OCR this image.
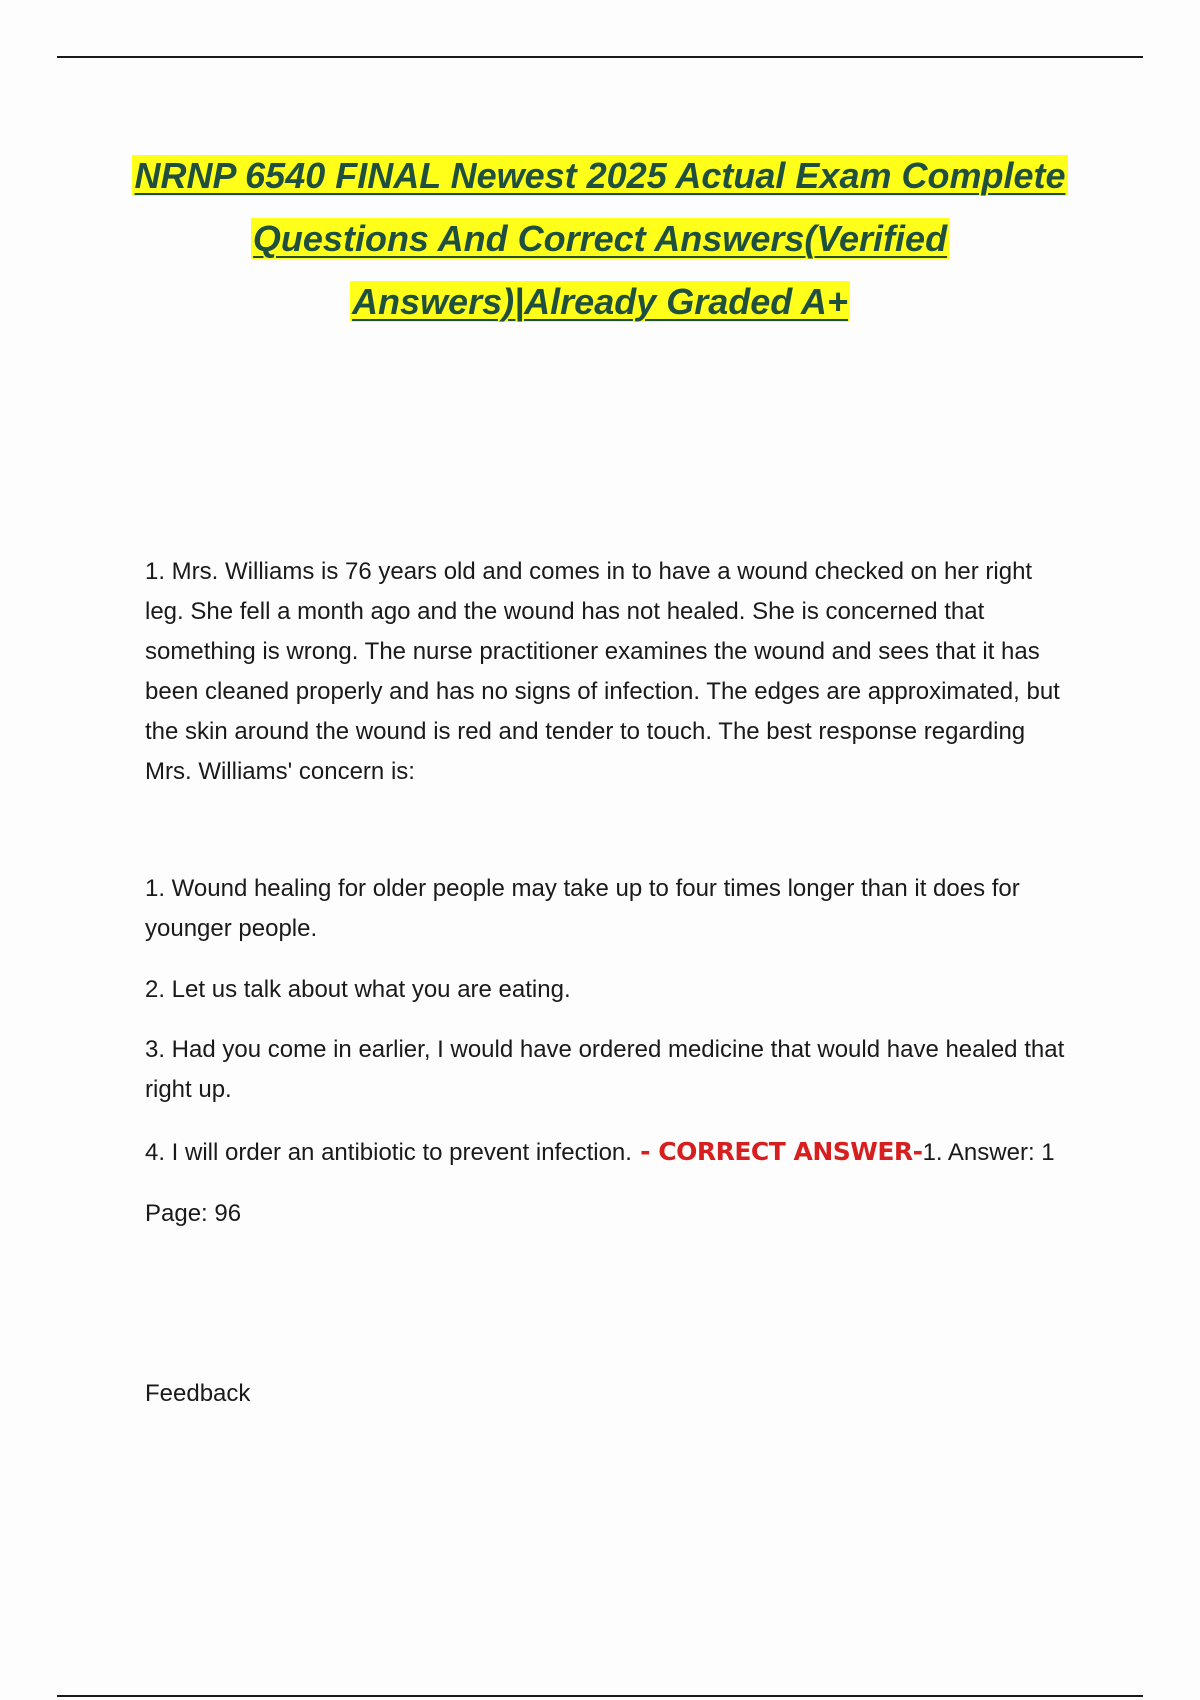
NRNP 6540 FINAL Newest 2025 Actual Exam Complete Questions And Correct Answers(Verified Answers)|Already Graded A+

1. Mrs. Williams is 76 years old and comes in to have a wound checked on her right leg. She fell a month ago and the wound has not healed. She is concerned that something is wrong. The nurse practitioner examines the wound and sees that it has been cleaned properly and has no signs of infection. The edges are approximated, but the skin around the wound is red and tender to touch. The best response regarding Mrs. Williams' concern is:

1. Wound healing for older people may take up to four times longer than it does for younger people.

2. Let us talk about what you are eating.

3. Had you come in earlier, I would have ordered medicine that would have healed that right up.

4. I will order an antibiotic to prevent infection. - CORRECT ANSWER-1. Answer: 1

Page: 96

Feedback
